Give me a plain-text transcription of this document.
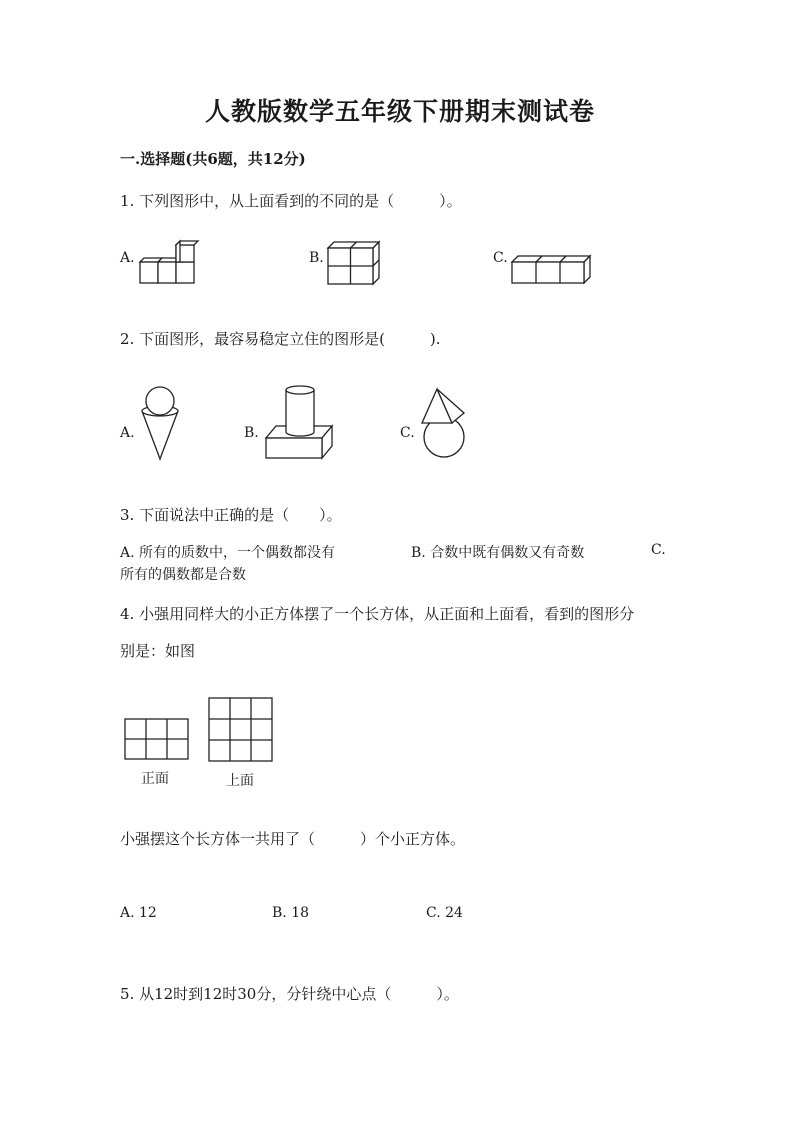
人教版数学五年级下册期末测试卷
一.选择题(共6题，共12分)
1. 下列图形中，从上面看到的不同的是（　　　）。
A.	B.	C.
2. 下面图形，最容易稳定立住的图形是(　　　).
A.	B.	C.
3. 下面说法中正确的是（　　）。
A. 所有的质数中，一个偶数都没有	B. 合数中既有偶数又有奇数	C.
所有的偶数都是合数
4. 小强用同样大的小正方体摆了一个长方体，从正面和上面看，看到的图形分
别是：如图
正面	上面
小强摆这个长方体一共用了（　　　）个小正方体。
A. 12	B. 18	C. 24
5. 从12时到12时30分，分针绕中心点（　　　）。
